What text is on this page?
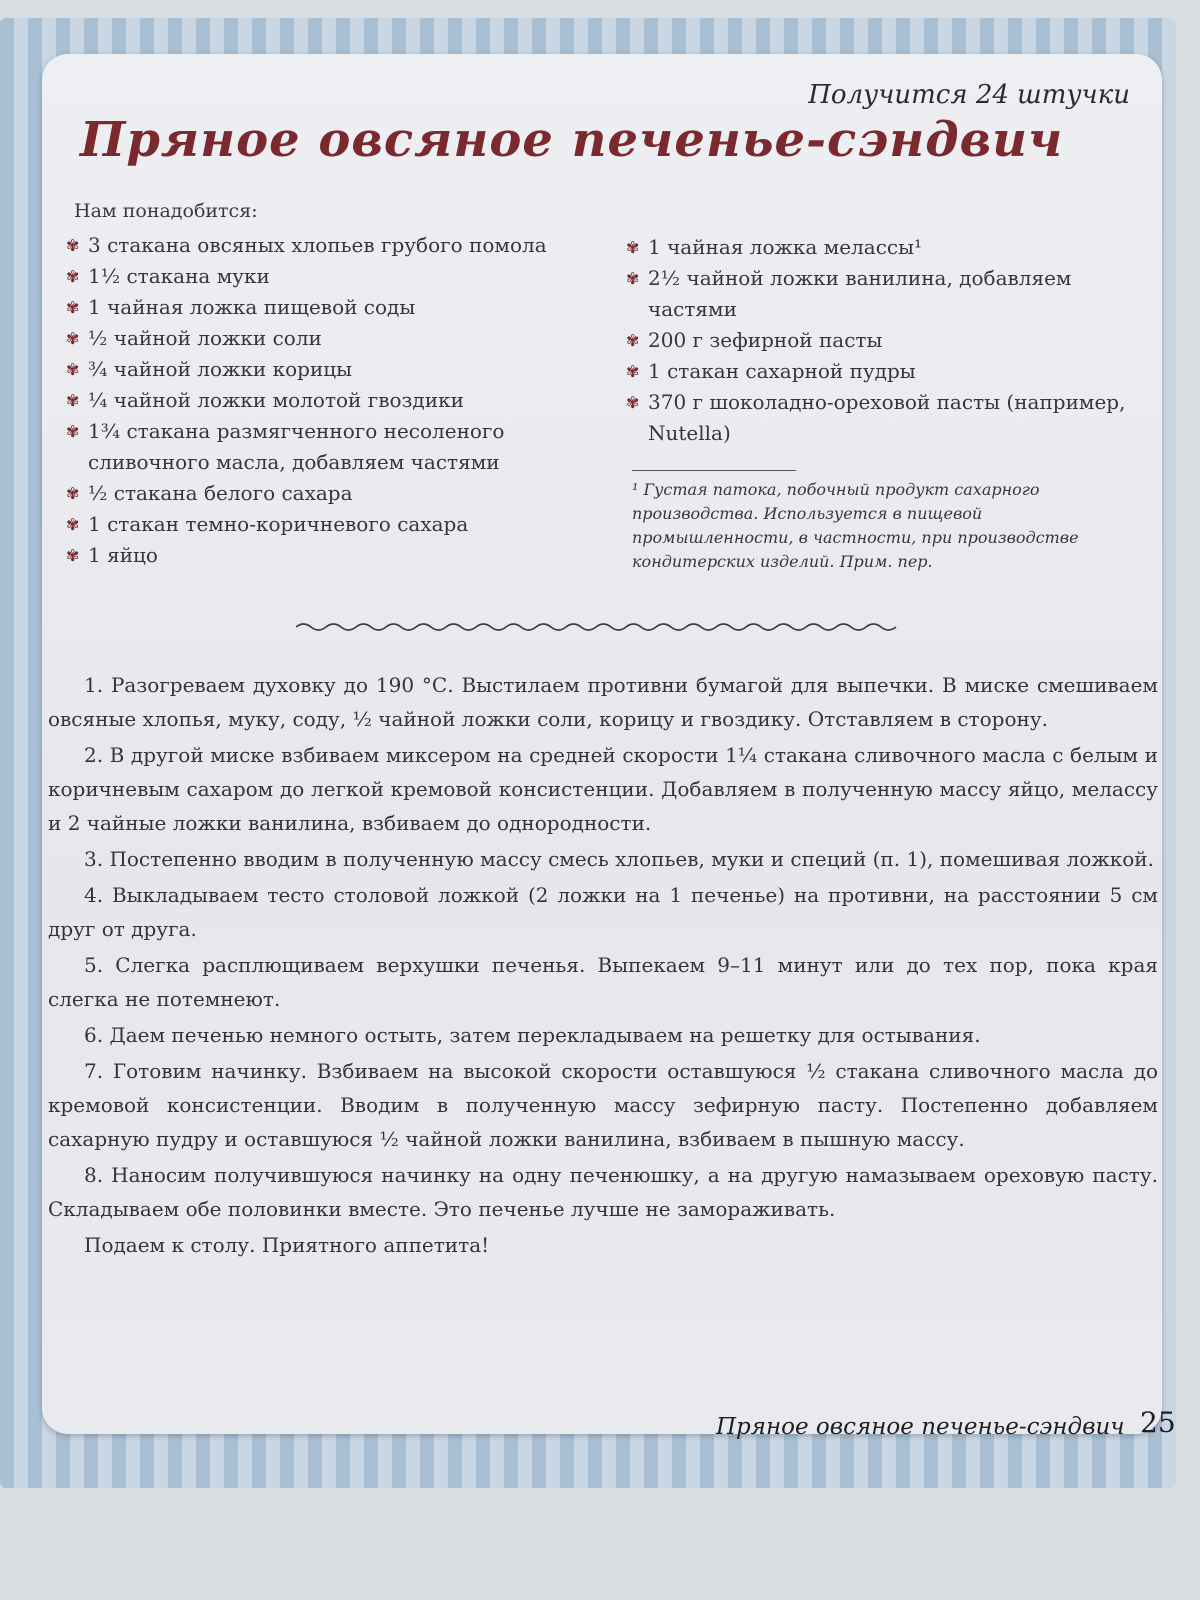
Получится 24 штучки
Пряное овсяное печенье-сэндвич
Нам понадобится:
✾ 3 стакана овсяных хлопьев грубого помола
✾ 1½ стакана муки
✾ 1 чайная ложка пищевой соды
✾ ½ чайной ложки соли
✾ ¾ чайной ложки корицы
✾ ¼ чайной ложки молотой гвоздики
✾ 1¾ стакана размягченного несоленого сливочного масла, добавляем частями
✾ ½ стакана белого сахара
✾ 1 стакан темно-коричневого сахара
✾ 1 яйцо
✾ 1 чайная ложка мелассы¹
✾ 2½ чайной ложки ванилина, добавляем частями
✾ 200 г зефирной пасты
✾ 1 стакан сахарной пудры
✾ 370 г шоколадно-ореховой пасты (например, Nutella)
¹ Густая патока, побочный продукт сахарного производства. Используется в пищевой промышленности, в частности, при производстве кондитерских изделий. Прим. пер.

1. Разогреваем духовку до 190 °С. Выстилаем противни бумагой для выпечки. В миске смешиваем овсяные хлопья, муку, соду, ½ чайной ложки соли, корицу и гвоздику. Отставляем в сторону.

2. В другой миске взбиваем миксером на средней скорости 1¼ стакана сливочного масла с белым и коричневым сахаром до легкой кремовой консистенции. Добавляем в полученную массу яйцо, мелассу и 2 чайные ложки ванилина, взбиваем до однородности.

3. Постепенно вводим в полученную массу смесь хлопьев, муки и специй (п. 1), помешивая ложкой.

4. Выкладываем тесто столовой ложкой (2 ложки на 1 печенье) на противни, на расстоянии 5 см друг от друга.

5. Слегка расплющиваем верхушки печенья. Выпекаем 9–11 минут или до тех пор, пока края слегка не потемнеют.

6. Даем печенью немного остыть, затем перекладываем на решетку для остывания.

7. Готовим начинку. Взбиваем на высокой скорости оставшуюся ½ стакана сливочного масла до кремовой консистенции. Вводим в полученную массу зефирную пасту. Постепенно добавляем сахарную пудру и оставшуюся ½ чайной ложки ванилина, взбиваем в пышную массу.

8. Наносим получившуюся начинку на одну печенюшку, а на другую намазываем ореховую пасту. Складываем обе половинки вместе. Это печенье лучше не замораживать.

Подаем к столу. Приятного аппетита!

Пряное овсяное печенье-сэндвич 25
